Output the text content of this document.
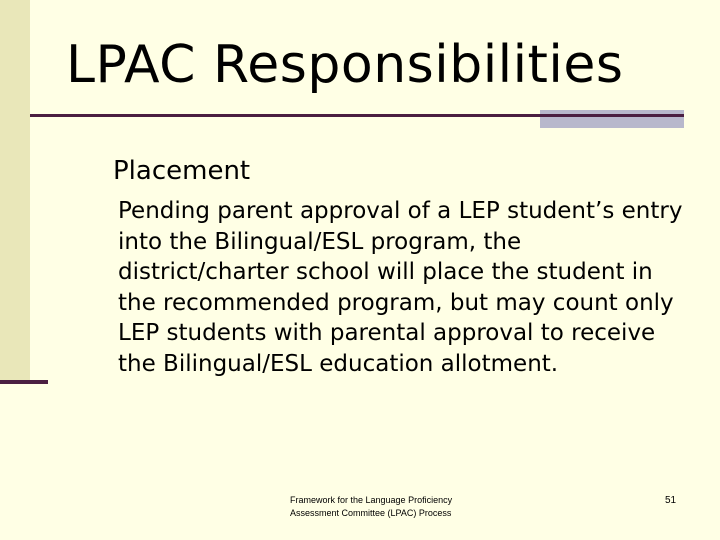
LPAC Responsibilities
Placement
Pending parent approval of a LEP student’s entry into the Bilingual/ESL program, the district/charter school will place the student in the recommended program, but may count only LEP students with parental approval to receive the Bilingual/ESL education allotment.
Framework for the Language Proficiency
Assessment Committee (LPAC) Process
51
